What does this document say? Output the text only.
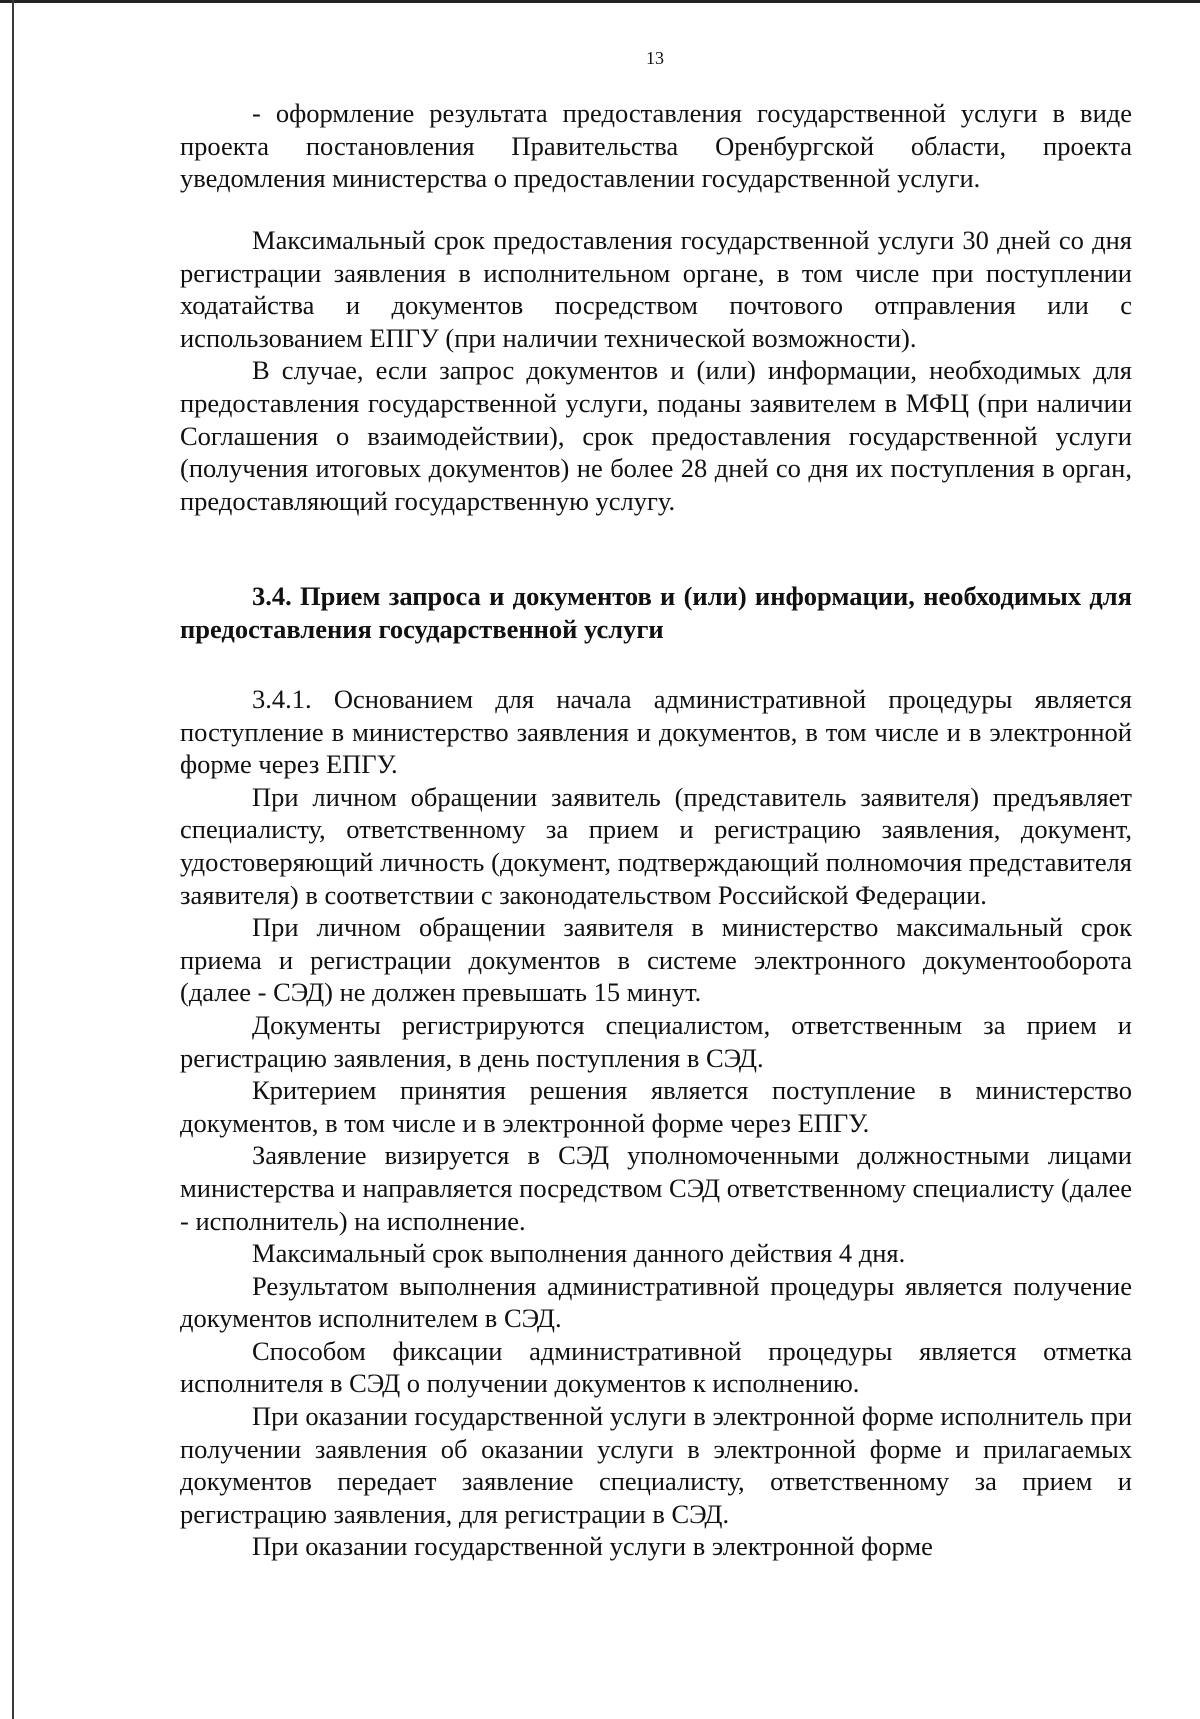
13

- оформление результата предоставления государственной услуги в виде проекта постановления Правительства Оренбургской области, проекта уведомления министерства о предоставлении государственной услуги.

Максимальный срок предоставления государственной услуги 30 дней со дня регистрации заявления в исполнительном органе, в том числе при поступлении ходатайства и документов посредством почтового отправления или с использованием ЕПГУ (при наличии технической возможности).

В случае, если запрос документов и (или) информации, необходимых для предоставления государственной услуги, поданы заявителем в МФЦ (при наличии Соглашения о взаимодействии), срок предоставления государственной услуги (получения итоговых документов) не более 28 дней со дня их поступления в орган, предоставляющий государственную услугу.

3.4. Прием запроса и документов и (или) информации, необходимых для предоставления государственной услуги

3.4.1. Основанием для начала административной процедуры является поступление в министерство заявления и документов, в том числе и в электронной форме через ЕПГУ.

При личном обращении заявитель (представитель заявителя) предъявляет специалисту, ответственному за прием и регистрацию заявления, документ, удостоверяющий личность (документ, подтверждающий полномочия представителя заявителя) в соответствии с законодательством Российской Федерации.

При личном обращении заявителя в министерство максимальный срок приема и регистрации документов в системе электронного документооборота (далее - СЭД) не должен превышать 15 минут.

Документы регистрируются специалистом, ответственным за прием и регистрацию заявления, в день поступления в СЭД.

Критерием принятия решения является поступление в министерство документов, в том числе и в электронной форме через ЕПГУ.

Заявление визируется в СЭД уполномоченными должностными лицами министерства и направляется посредством СЭД ответственному специалисту (далее - исполнитель) на исполнение.

Максимальный срок выполнения данного действия 4 дня.

Результатом выполнения административной процедуры является получение документов исполнителем в СЭД.

Способом фиксации административной процедуры является отметка исполнителя в СЭД о получении документов к исполнению.

При оказании государственной услуги в электронной форме исполнитель при получении заявления об оказании услуги в электронной форме и прилагаемых документов передает заявление специалисту, ответственному за прием и регистрацию заявления, для регистрации в СЭД.

При оказании государственной услуги в электронной форме
